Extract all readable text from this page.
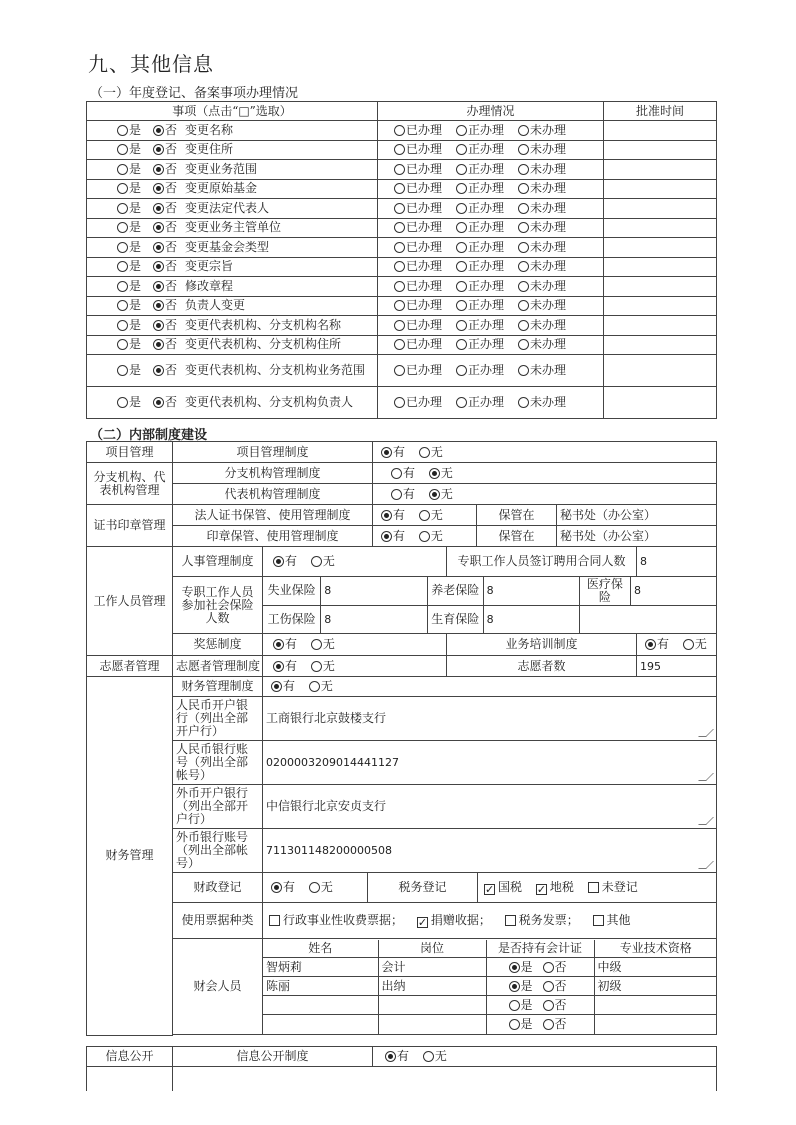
九、其他信息
（一）年度登记、备案事项办理情况
事项（点击“□”选取）	办理情况	批准时间
是 否 变更名称	已办理 正办理 未办理	
是 否 变更住所	已办理 正办理 未办理	
是 否 变更业务范围	已办理 正办理 未办理	
是 否 变更原始基金	已办理 正办理 未办理	
是 否 变更法定代表人	已办理 正办理 未办理	
是 否 变更业务主管单位	已办理 正办理 未办理	
是 否 变更基金会类型	已办理 正办理 未办理	
是 否 变更宗旨	已办理 正办理 未办理	
是 否 修改章程	已办理 正办理 未办理	
是 否 负责人变更	已办理 正办理 未办理	
是 否 变更代表机构、分支机构名称	已办理 正办理 未办理	
是 否 变更代表机构、分支机构住所	已办理 正办理 未办理	
是 否 变更代表机构、分支机构业务范围	已办理 正办理 未办理	
是 否 变更代表机构、分支机构负责人	已办理 正办理 未办理	
（二）内部制度建设
项目管理	项目管理制度	有 无		
分支机构、代表机构管理	分支机构管理制度	有 无		
	代表机构管理制度	有 无		
证书印章管理	法人证书保管、使用管理制度	有 无	保管在	秘书处（办公室）
	印章保管、使用管理制度	有 无	保管在	秘书处（办公室）
工作人员管理	人事管理制度	有 无	专职工作人员签订聘用合同人数	8
专职工作人员参加社会保险人数	
失业保险	8	养老保险	8	医疗保险	8
工伤保险	8	生育保险	8	

奖惩制度	有 无	业务培训制度	有 无
志愿者管理	志愿者管理制度	有 无	志愿者数	195
财务管理	财务管理制度	有 无
人民币开户银行（列出全部开户行）	工商银行北京鼓楼支行

人民币银行账号（列出全部帐号）	0200003209014441127

外币开户银行（列出全部开户行）	中信银行北京安贞支行

外币银行账号（列出全部帐号）	711301148200000508

财政登记	有 无	税务登记	✓ 国税 ✓ 地税 未登记
使用票据种类	行政事业性收费票据； ✓ 捐赠收据； 税务发票； 其他
财会人员	
姓名	岗位	是否持有会计证	专业技术资格
智炳莉	会计	是 否	中级
陈丽	出纳	是 否	初级
		是 否	
		是 否	

信息公开	信息公开制度	有 无
